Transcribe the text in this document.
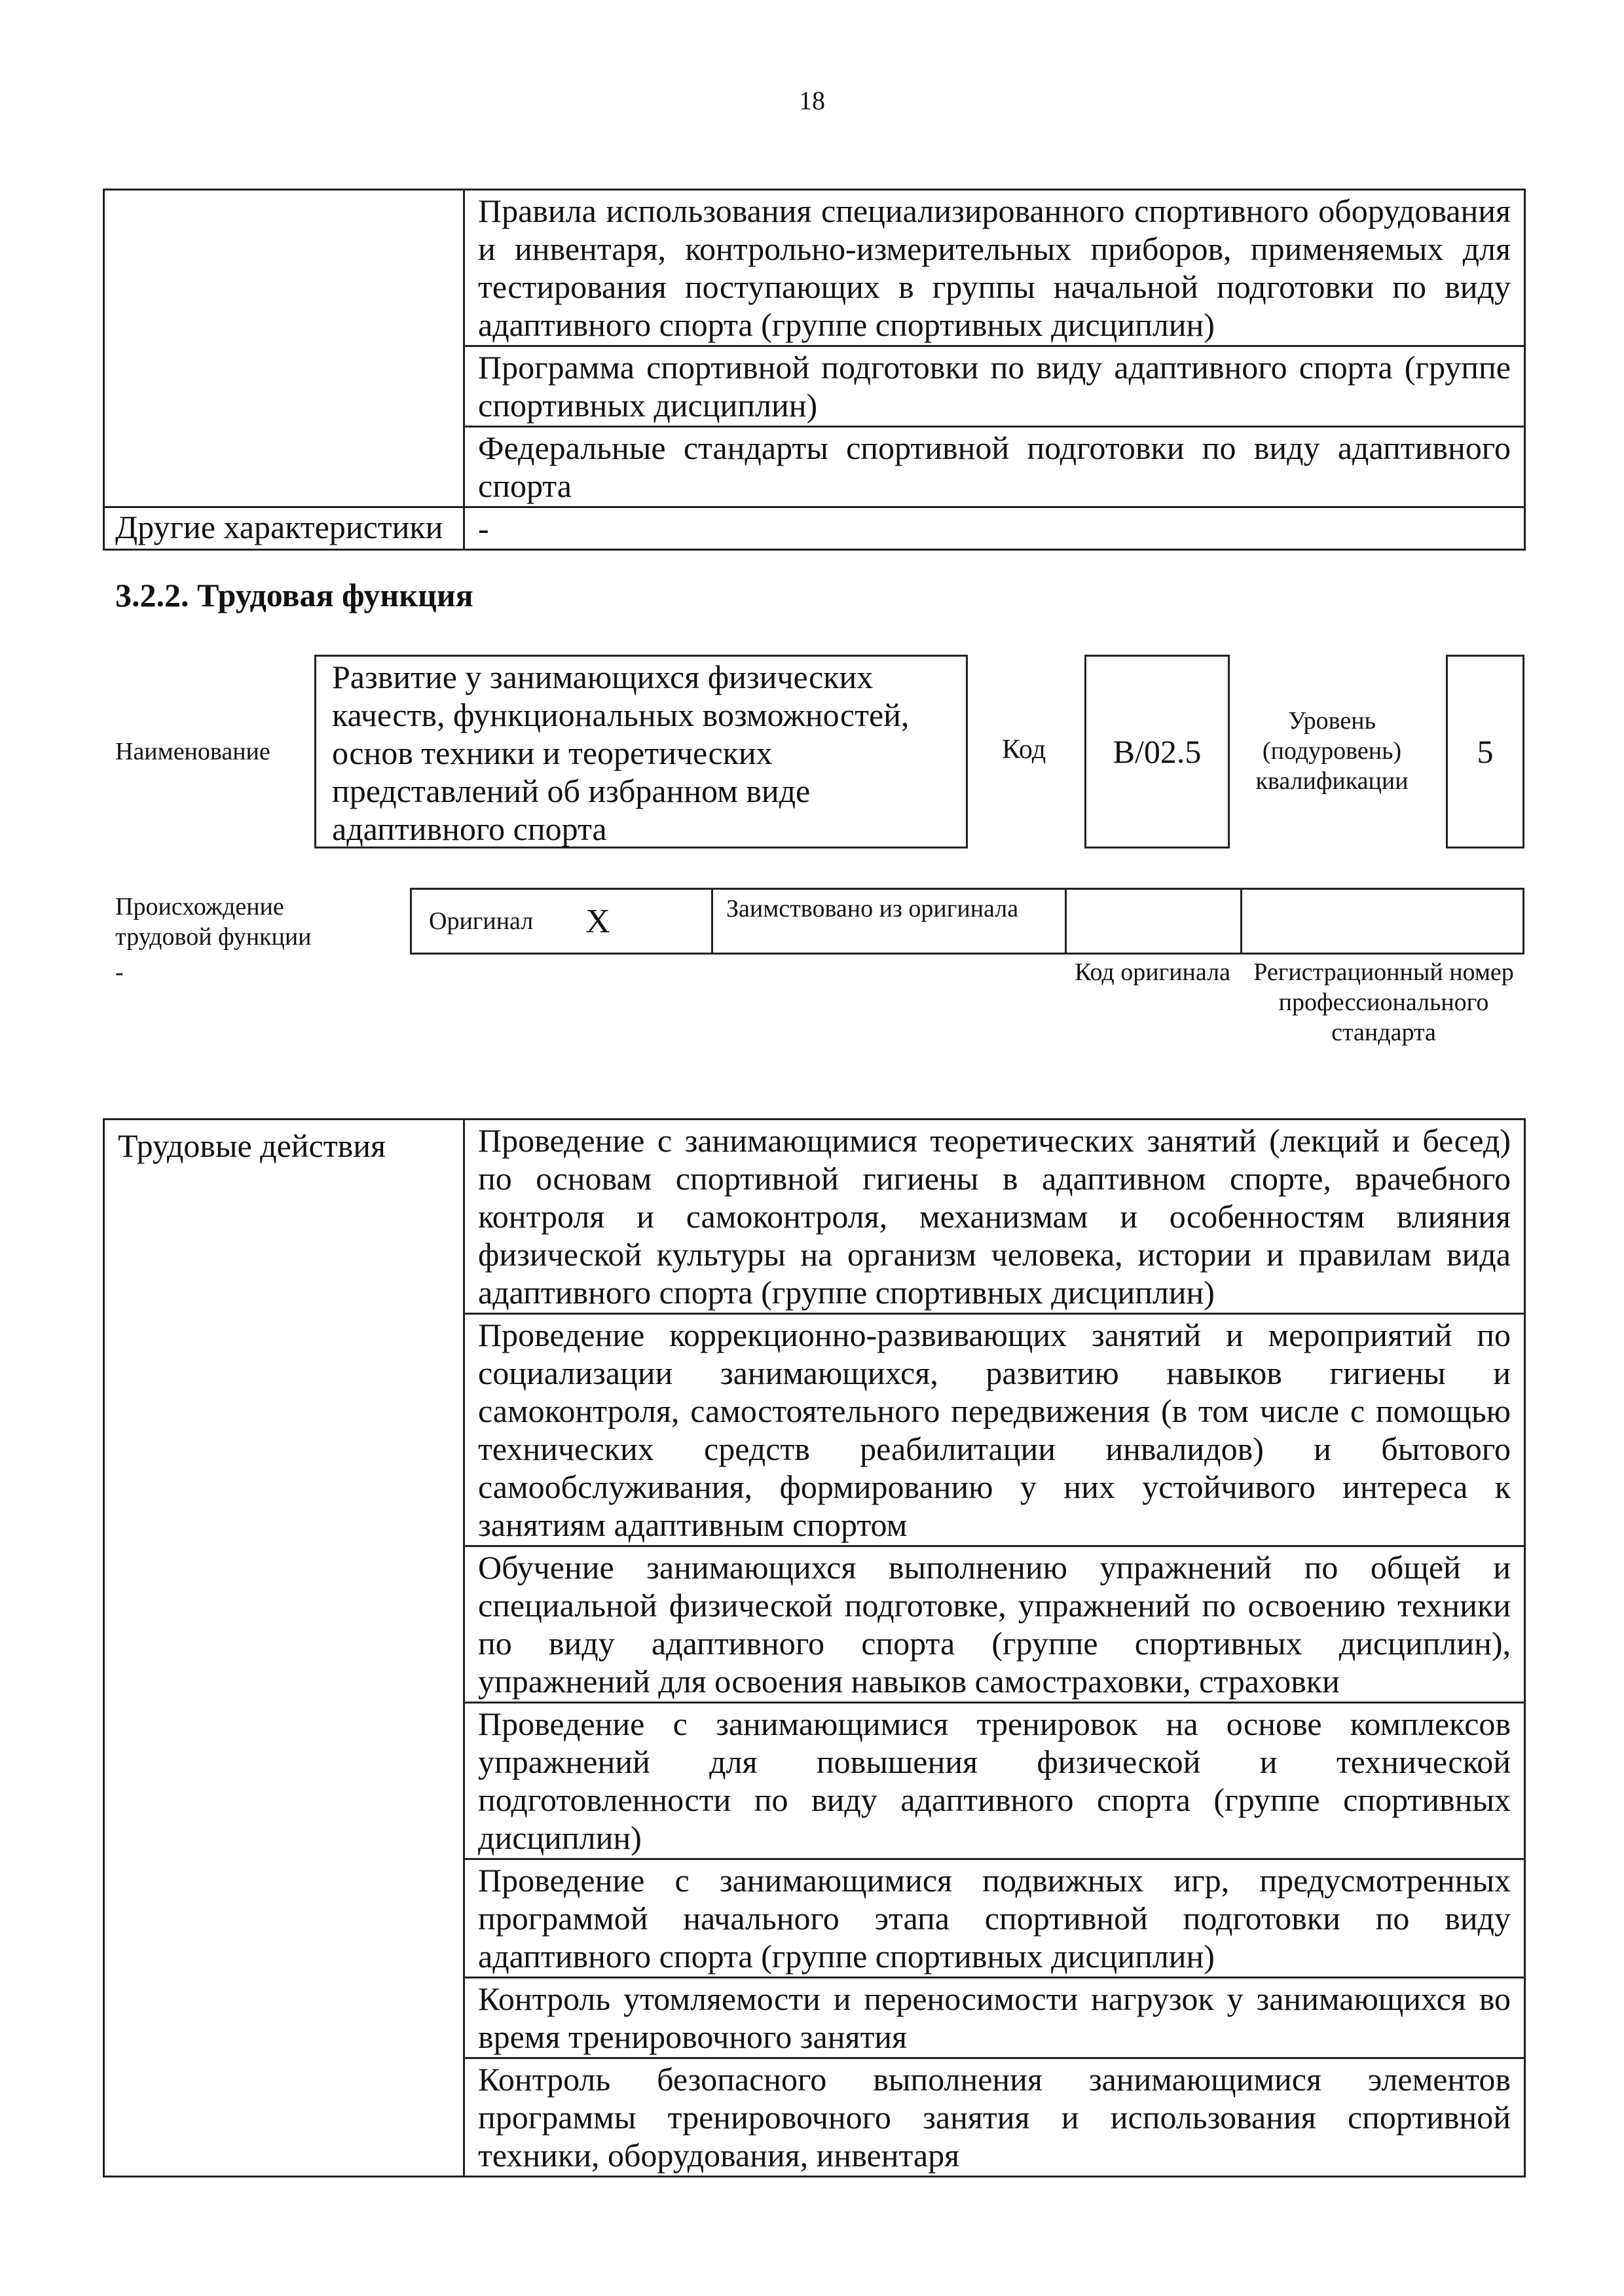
18
	Правила использования специализированного спортивного оборудования и инвентаря, контрольно-измерительных приборов, применяемых для тестирования поступающих в группы начальной подготовки по виду адаптивного спорта (группе спортивных дисциплин)
	Программа спортивной подготовки по виду адаптивного спорта (группе спортивных дисциплин)
	Федеральные стандарты спортивной подготовки по виду адаптивного спорта
Другие характеристики	-
3.2.2. Трудовая функция
Наименование
Развитие у занимающихся физических качеств, функциональных возможностей, основ техники и теоретических представлений об избранном виде адаптивного спорта
Код B/02.5
Уровень (подуровень) квалификации
5
Происхождение трудовой функции
-
Оригинал X	Заимствовано из оригинала
Код оригинала Регистрационный номер профессионального стандарта
Трудовые действия	Проведение с занимающимися теоретических занятий (лекций и бесед) по основам спортивной гигиены в адаптивном спорте, врачебного контроля и самоконтроля, механизмам и особенностям влияния физической культуры на организм человека, истории и правилам вида адаптивного спорта (группе спортивных дисциплин)
Проведение коррекционно-развивающих занятий и мероприятий по социализации занимающихся, развитию навыков гигиены и самоконтроля, самостоятельного передвижения (в том числе с помощью технических средств реабилитации инвалидов) и бытового самообслуживания, формированию у них устойчивого интереса к занятиям адаптивным спортом
Обучение занимающихся выполнению упражнений по общей и специальной физической подготовке, упражнений по освоению техники по виду адаптивного спорта (группе спортивных дисциплин), упражнений для освоения навыков самостраховки, страховки
Проведение с занимающимися тренировок на основе комплексов упражнений для повышения физической и технической подготовленности по виду адаптивного спорта (группе спортивных дисциплин)
Проведение с занимающимися подвижных игр, предусмотренных программой начального этапа спортивной подготовки по виду адаптивного спорта (группе спортивных дисциплин)
Контроль утомляемости и переносимости нагрузок у занимающихся во время тренировочного занятия
Контроль безопасного выполнения занимающимися элементов программы тренировочного занятия и использования спортивной техники, оборудования, инвентаря
